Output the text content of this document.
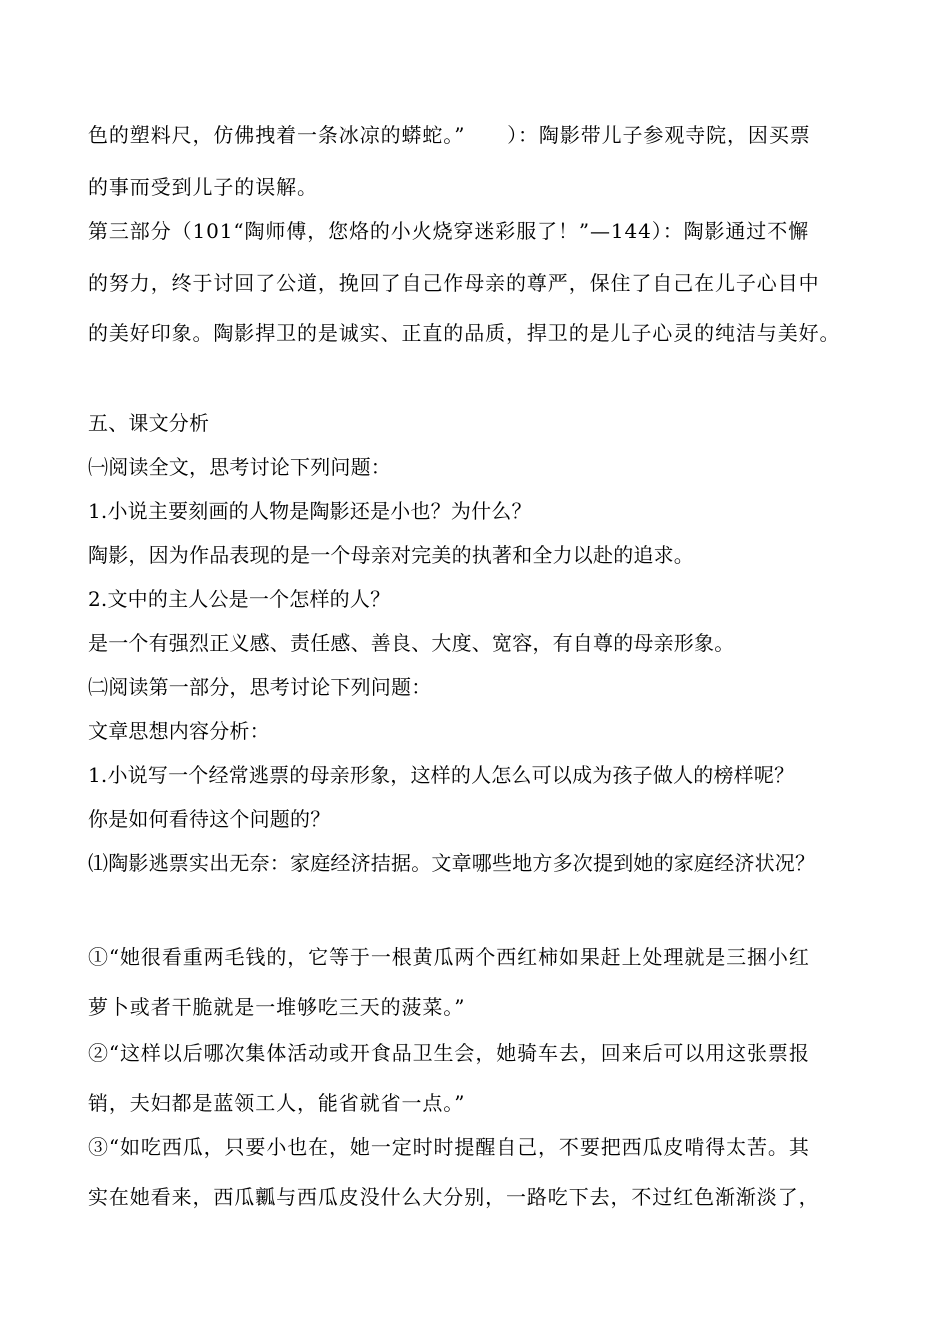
色的塑料尺，仿佛拽着一条冰凉的蟒蛇。”　　）：陶影带儿子参观寺院，因买票
的事而受到儿子的误解。
第三部分（101“陶师傅，您烙的小火烧穿迷彩服了！”—144）：陶影通过不懈
的努力，终于讨回了公道，挽回了自己作母亲的尊严，保住了自己在儿子心目中
的美好印象。陶影捍卫的是诚实、正直的品质，捍卫的是儿子心灵的纯洁与美好。
五、课文分析
㈠阅读全文，思考讨论下列问题：
1.小说主要刻画的人物是陶影还是小也？为什么？
陶影，因为作品表现的是一个母亲对完美的执著和全力以赴的追求。
2.文中的主人公是一个怎样的人？
是一个有强烈正义感、责任感、善良、大度、宽容，有自尊的母亲形象。
㈡阅读第一部分，思考讨论下列问题：
文章思想内容分析：
1.小说写一个经常逃票的母亲形象，这样的人怎么可以成为孩子做人的榜样呢？
你是如何看待这个问题的？
⑴陶影逃票实出无奈：家庭经济拮据。文章哪些地方多次提到她的家庭经济状况？
①“她很看重两毛钱的，它等于一根黄瓜两个西红柿如果赶上处理就是三捆小红
萝卜或者干脆就是一堆够吃三天的菠菜。”
②“这样以后哪次集体活动或开食品卫生会，她骑车去，回来后可以用这张票报
销，夫妇都是蓝领工人，能省就省一点。”
③“如吃西瓜，只要小也在，她一定时时提醒自己，不要把西瓜皮啃得太苦。其
实在她看来，西瓜瓤与西瓜皮没什么大分别，一路吃下去，不过红色渐渐淡了，
